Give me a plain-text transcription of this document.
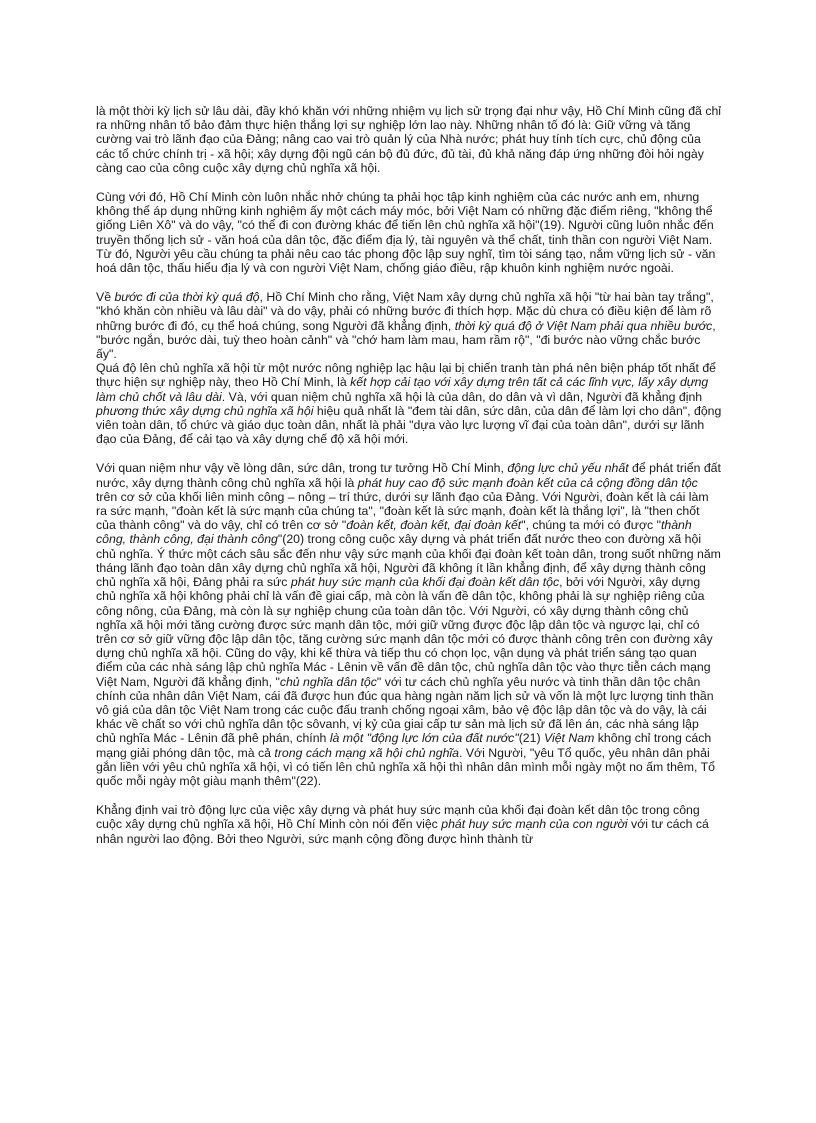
là một thời kỳ lịch sử lâu dài, đầy khó khăn với những nhiệm vụ lịch sử trọng đại như vậy, Hồ Chí Minh cũng đã chỉ ra những nhân tố bảo đảm thực hiện thắng lợi sự nghiệp lớn lao này. Những nhân tố đó là: Giữ vững và tăng cường vai trò lãnh đạo của Đảng; nâng cao vai trò quản lý của Nhà nước; phát huy tính tích cực, chủ động của các tổ chức chính trị - xã hội; xây dựng đội ngũ cán bộ đủ đức, đủ tài, đủ khả năng đáp ứng những đòi hỏi ngày càng cao của công cuộc xây dựng chủ nghĩa xã hội.

Cùng với đó, Hồ Chí Minh còn luôn nhắc nhở chúng ta phải học tập kinh nghiệm của các nước anh em, nhưng không thể áp dụng những kinh nghiệm ấy một cách máy móc, bởi Việt Nam có những đặc điểm riêng, "không thể giống Liên Xô" và do vậy, "có thể đi con đường khác để tiến lên chủ nghĩa xã hội"(19). Người cũng luôn nhắc đến truyền thống lịch sử - văn hoá của dân tộc, đặc điểm địa lý, tài nguyên và thể chất, tinh thần con người Việt Nam. Từ đó, Người yêu cầu chúng ta phải nêu cao tác phong độc lập suy nghĩ, tìm tòi sáng tạo, nắm vững lịch sử - văn hoá dân tộc, thấu hiểu địa lý và con người Việt Nam, chống giáo điều, rập khuôn kinh nghiệm nước ngoài.

Về bước đi của thời kỳ quá độ, Hồ Chí Minh cho rằng, Việt Nam xây dựng chủ nghĩa xã hội "từ hai bàn tay trắng", "khó khăn còn nhiều và lâu dài" và do vậy, phải có những bước đi thích hợp. Mặc dù chưa có điều kiện để làm rõ những bước đi đó, cụ thể hoá chúng, song Người đã khẳng định, thời kỳ quá độ ở Việt Nam phải qua nhiều bước, "bước ngắn, bước dài, tuỳ theo hoàn cảnh" và "chớ ham làm mau, ham rầm rộ", "đi bước nào vững chắc bước ấy".

Quá độ lên chủ nghĩa xã hội từ một nước nông nghiệp lạc hậu lại bị chiến tranh tàn phá nên biện pháp tốt nhất để thực hiện sự nghiệp này, theo Hồ Chí Minh, là kết hợp cải tạo với xây dựng trên tất cả các lĩnh vực, lấy xây dựng làm chủ chốt và lâu dài. Và, với quan niệm chủ nghĩa xã hội là của dân, do dân và vì dân, Người đã khẳng định phương thức xây dựng chủ nghĩa xã hội hiệu quả nhất là "đem tài dân, sức dân, của dân để làm lợi cho dân", động viên toàn dân, tổ chức và giáo dục toàn dân, nhất là phải "dựa vào lực lượng vĩ đại của toàn dân", dưới sự lãnh đạo của Đảng, để cải tạo và xây dựng chế độ xã hội mới.

Với quan niệm như vậy về lòng dân, sức dân, trong tư tưởng Hồ Chí Minh, động lực chủ yếu nhất để phát triển đất nước, xây dựng thành công chủ nghĩa xã hội là phát huy cao độ sức mạnh đoàn kết của cả cộng đồng dân tộc trên cơ sở của khối liên minh công – nông – trí thức, dưới sự lãnh đạo của Đảng. Với Người, đoàn kết là cái làm ra sức mạnh, "đoàn kết là sức mạnh của chúng ta", "đoàn kết là sức mạnh, đoàn kết là thắng lợi", là "then chốt của thành công" và do vậy, chỉ có trên cơ sở "đoàn kết, đoàn kết, đại đoàn kết", chúng ta mới có được "thành công, thành công, đại thành công"(20) trong công cuộc xây dựng và phát triển đất nước theo con đường xã hội chủ nghĩa. Ý thức một cách sâu sắc đến như vậy sức mạnh của khối đại đoàn kết toàn dân, trong suốt những năm tháng lãnh đạo toàn dân xây dựng chủ nghĩa xã hội, Người đã không ít lần khẳng định, để xây dựng thành công chủ nghĩa xã hội, Đảng phải ra sức phát huy sức mạnh của khối đại đoàn kết dân tộc, bởi với Người, xây dựng chủ nghĩa xã hội không phải chỉ là vấn đề giai cấp, mà còn là vấn đề dân tộc, không phải là sự nghiệp riêng của công nông, của Đảng, mà còn là sự nghiệp chung của toàn dân tộc. Với Người, có xây dựng thành công chủ nghĩa xã hội mới tăng cường được sức mạnh dân tộc, mới giữ vững được độc lập dân tộc và ngược lại, chỉ có trên cơ sở giữ vững độc lập dân tộc, tăng cường sức mạnh dân tộc mới có được thành công trên con đường xây dựng chủ nghĩa xã hội. Cũng do vậy, khi kế thừa và tiếp thu có chọn lọc, vận dụng và phát triển sáng tạo quan điểm của các nhà sáng lập chủ nghĩa Mác - Lênin về vấn đề dân tộc, chủ nghĩa dân tộc vào thực tiễn cách mạng Việt Nam, Người đã khẳng định, "chủ nghĩa dân tộc" với tư cách chủ nghĩa yêu nước và tinh thần dân tộc chân chính của nhân dân Việt Nam, cái đã được hun đúc qua hàng ngàn năm lịch sử và vốn là một lực lượng tinh thần vô giá của dân tộc Việt Nam trong các cuộc đấu tranh chống ngoại xâm, bảo vệ độc lập dân tộc và do vậy, là cái khác về chất so với chủ nghĩa dân tộc sôvanh, vị kỷ của giai cấp tư sản mà lịch sử đã lên án, các nhà sáng lập chủ nghĩa Mác - Lênin đã phê phán, chính là một "động lực lớn của đất nước"(21) Việt Nam không chỉ trong cách mạng giải phóng dân tộc, mà cả trong cách mạng xã hội chủ nghĩa. Với Người, "yêu Tổ quốc, yêu nhân dân phải gắn liền với yêu chủ nghĩa xã hội, vì có tiến lên chủ nghĩa xã hội thì nhân dân mình mỗi ngày một no ấm thêm, Tổ quốc mỗi ngày một giàu mạnh thêm"(22).

Khẳng định vai trò động lực của việc xây dựng và phát huy sức mạnh của khối đại đoàn kết dân tộc trong công cuộc xây dựng chủ nghĩa xã hội, Hồ Chí Minh còn nói đến việc phát huy sức mạnh của con người với tư cách cá nhân người lao động. Bởi theo Người, sức mạnh cộng đồng được hình thành từ
